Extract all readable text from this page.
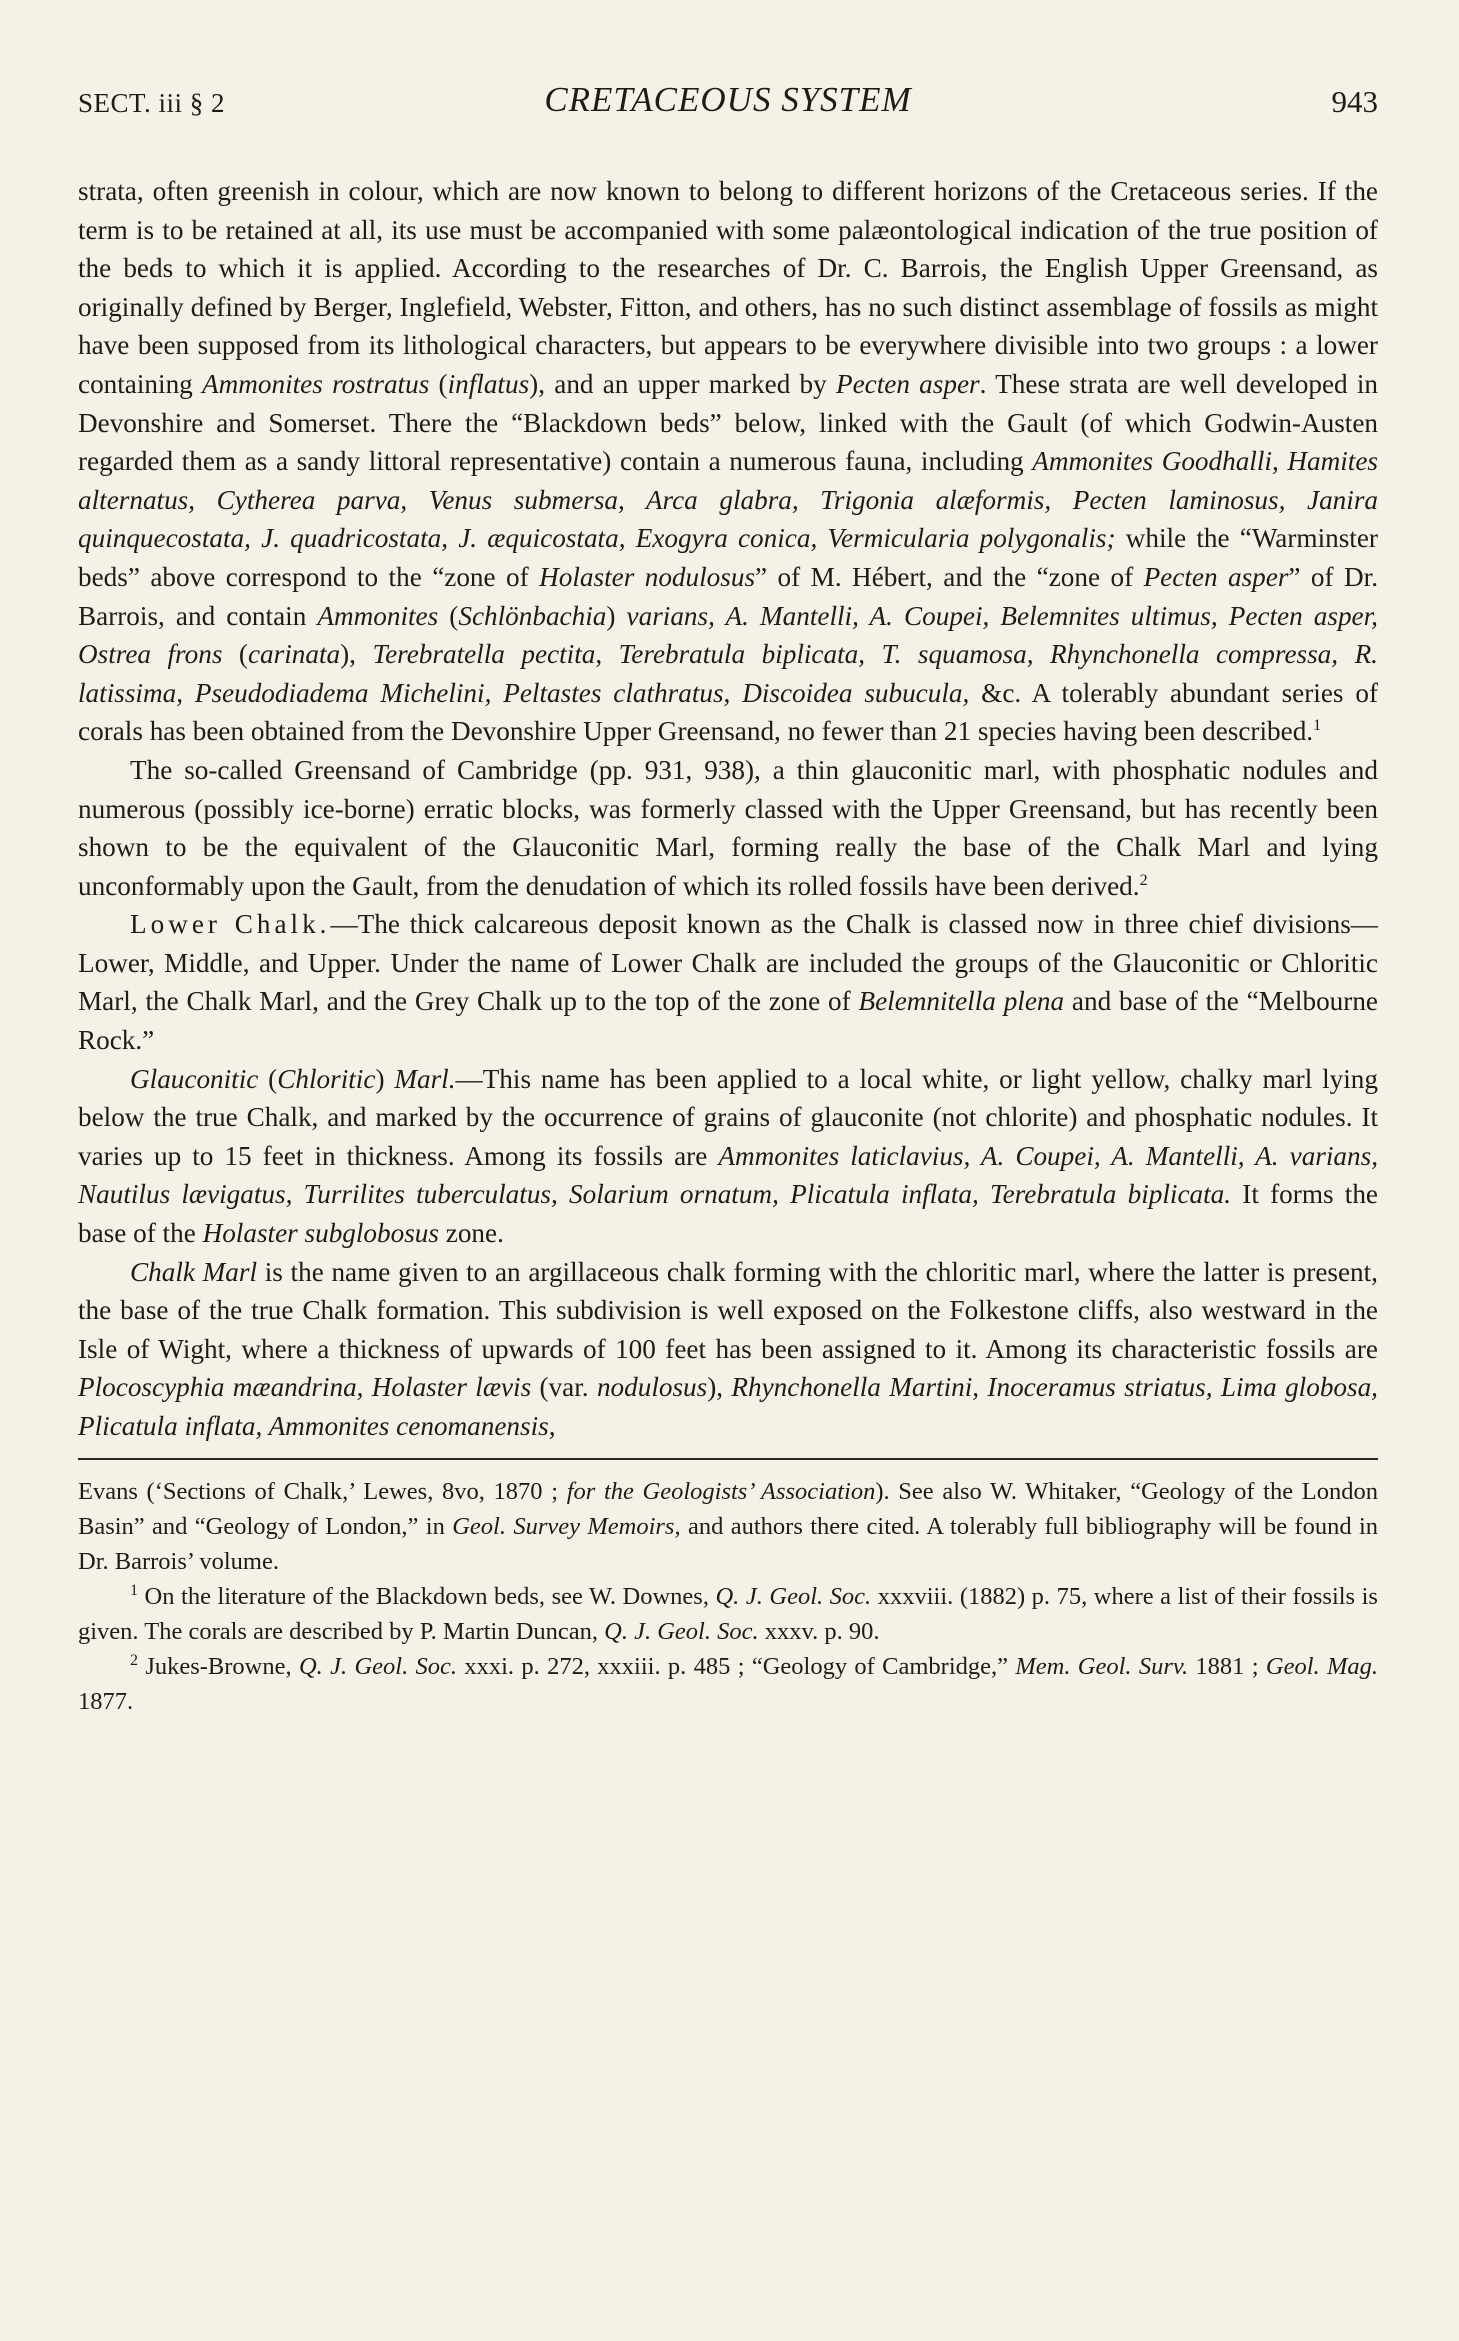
SECT. iii § 2	CRETACEOUS SYSTEM	943

strata, often greenish in colour, which are now known to belong to different horizons of the Cretaceous series. If the term is to be retained at all, its use must be accompanied with some palæontological indication of the true position of the beds to which it is applied. According to the researches of Dr. C. Barrois, the English Upper Greensand, as originally defined by Berger, Inglefield, Webster, Fitton, and others, has no such distinct assemblage of fossils as might have been supposed from its lithological characters, but appears to be everywhere divisible into two groups : a lower containing Ammonites rostratus (inflatus), and an upper marked by Pecten asper. These strata are well developed in Devonshire and Somerset. There the “Blackdown beds” below, linked with the Gault (of which Godwin-Austen regarded them as a sandy littoral representative) contain a numerous fauna, including Ammonites Goodhalli, Hamites alternatus, Cytherea parva, Venus submersa, Arca glabra, Trigonia alæformis, Pecten laminosus, Janira quinquecostata, J. quadricostata, J. æquicostata, Exogyra conica, Vermicularia polygonalis; while the “Warminster beds” above correspond to the “zone of Holaster nodulosus” of M. Hébert, and the “zone of Pecten asper” of Dr. Barrois, and contain Ammonites (Schlönbachia) varians, A. Mantelli, A. Coupei, Belemnites ultimus, Pecten asper, Ostrea frons (carinata), Terebratella pectita, Terebratula biplicata, T. squamosa, Rhynchonella compressa, R. latissima, Pseudodiadema Michelini, Peltastes clathratus, Discoidea subucula, &c. A tolerably abundant series of corals has been obtained from the Devonshire Upper Greensand, no fewer than 21 species having been described.$^1$

The so-called Greensand of Cambridge (pp. 931, 938), a thin glauconitic marl, with phosphatic nodules and numerous (possibly ice-borne) erratic blocks, was formerly classed with the Upper Greensand, but has recently been shown to be the equivalent of the Glauconitic Marl, forming really the base of the Chalk Marl and lying unconformably upon the Gault, from the denudation of which its rolled fossils have been derived.$^2$

Lower Chalk.—The thick calcareous deposit known as the Chalk is classed now in three chief divisions—Lower, Middle, and Upper. Under the name of Lower Chalk are included the groups of the Glauconitic or Chloritic Marl, the Chalk Marl, and the Grey Chalk up to the top of the zone of Belemnitella plena and base of the “Melbourne Rock.”

Glauconitic (Chloritic) Marl.—This name has been applied to a local white, or light yellow, chalky marl lying below the true Chalk, and marked by the occurrence of grains of glauconite (not chlorite) and phosphatic nodules. It varies up to 15 feet in thickness. Among its fossils are Ammonites laticlavius, A. Coupei, A. Mantelli, A. varians, Nautilus lævigatus, Turrilites tuberculatus, Solarium ornatum, Plicatula inflata, Terebratula biplicata. It forms the base of the Holaster subglobosus zone.

Chalk Marl is the name given to an argillaceous chalk forming with the chloritic marl, where the latter is present, the base of the true Chalk formation. This subdivision is well exposed on the Folkestone cliffs, also westward in the Isle of Wight, where a thickness of upwards of 100 feet has been assigned to it. Among its characteristic fossils are Plocoscyphia mæandrina, Holaster lævis (var. nodulosus), Rhynchonella Martini, Inoceramus striatus, Lima globosa, Plicatula inflata, Ammonites cenomanensis,

Evans (‘Sections of Chalk,’ Lewes, 8vo, 1870 ; for the Geologists’ Association). See also W. Whitaker, “Geology of the London Basin” and “Geology of London,” in Geol. Survey Memoirs, and authors there cited. A tolerably full bibliography will be found in Dr. Barrois’ volume.

$^1$ On the literature of the Blackdown beds, see W. Downes, Q. J. Geol. Soc. xxxviii. (1882) p. 75, where a list of their fossils is given. The corals are described by P. Martin Duncan, Q. J. Geol. Soc. xxxv. p. 90.

$^2$ Jukes-Browne, Q. J. Geol. Soc. xxxi. p. 272, xxxiii. p. 485 ; “Geology of Cambridge,” Mem. Geol. Surv. 1881 ; Geol. Mag. 1877.
